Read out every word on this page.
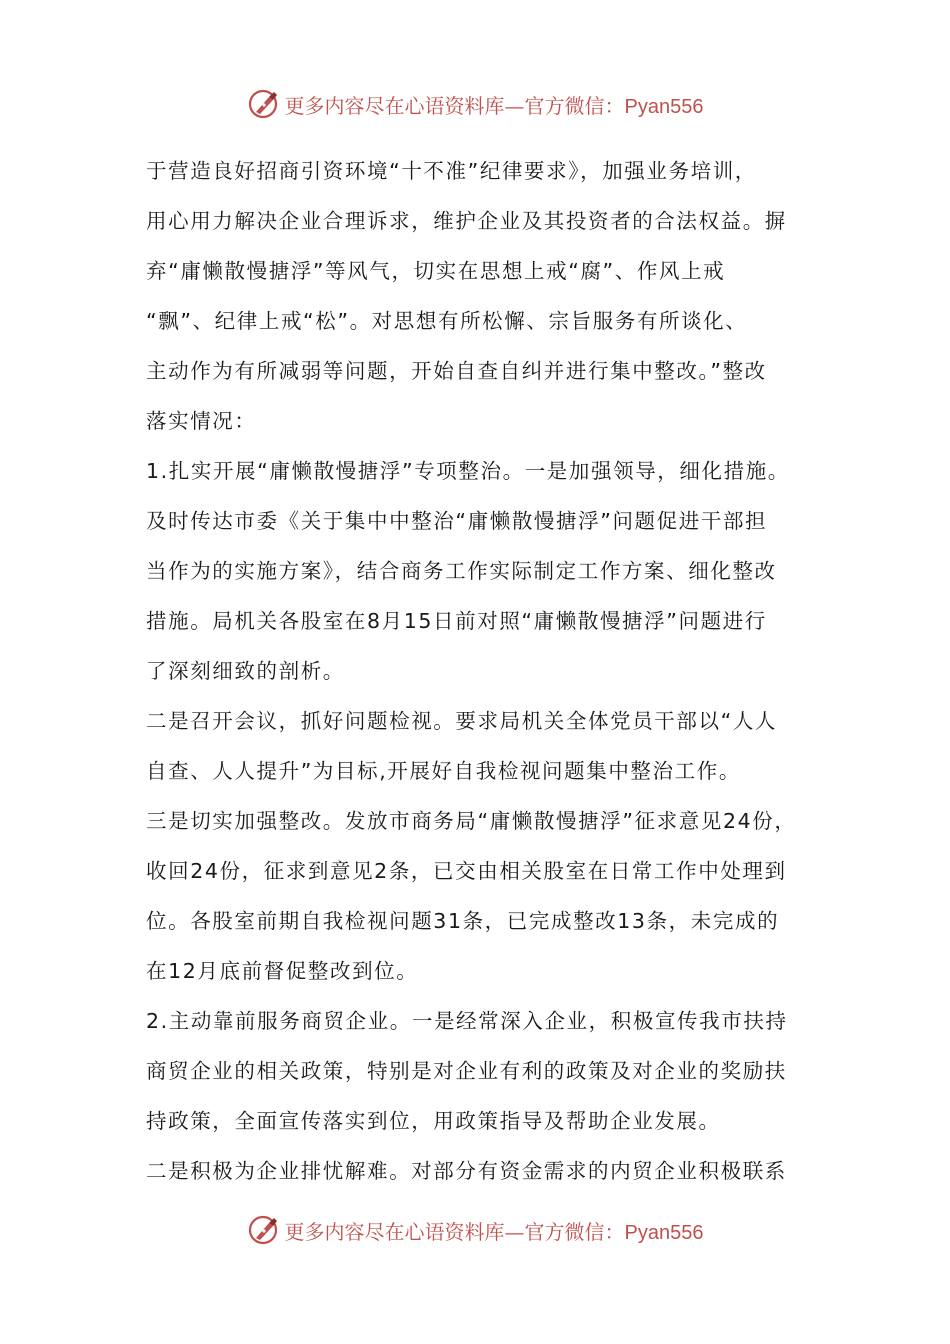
更多内容尽在心语资料库—官方微信：Pyan556
于营造良好招商引资环境“十不准”纪律要求》，加强业务培训，
用心用力解决企业合理诉求，维护企业及其投资者的合法权益。摒
弃“庸懒散慢搪浮”等风气，切实在思想上戒“腐”、作风上戒
“飘”、纪律上戒“松”。对思想有所松懈、宗旨服务有所谈化、
主动作为有所减弱等问题，开始自查自纠并进行集中整改。”整改
落实情况：
1.扎实开展“庸懒散慢搪浮”专项整治。一是加强领导，细化措施。
及时传达市委《关于集中中整治“庸懒散慢搪浮”问题促进干部担
当作为的实施方案》，结合商务工作实际制定工作方案、细化整改
措施。局机关各股室在8月15日前对照“庸懒散慢搪浮”问题进行
了深刻细致的剖析。
二是召开会议，抓好问题检视。要求局机关全体党员干部以“人人
自查、人人提升”为目标,开展好自我检视问题集中整治工作。
三是切实加强整改。发放市商务局“庸懒散慢搪浮”征求意见24份，
收回24份，征求到意见2条，已交由相关股室在日常工作中处理到
位。各股室前期自我检视问题31条，已完成整改13条，未完成的
在12月底前督促整改到位。
2.主动靠前服务商贸企业。一是经常深入企业，积极宣传我市扶持
商贸企业的相关政策，特别是对企业有利的政策及对企业的奖励扶
持政策，全面宣传落实到位，用政策指导及帮助企业发展。
二是积极为企业排忧解难。对部分有资金需求的内贸企业积极联系
更多内容尽在心语资料库—官方微信：Pyan556
